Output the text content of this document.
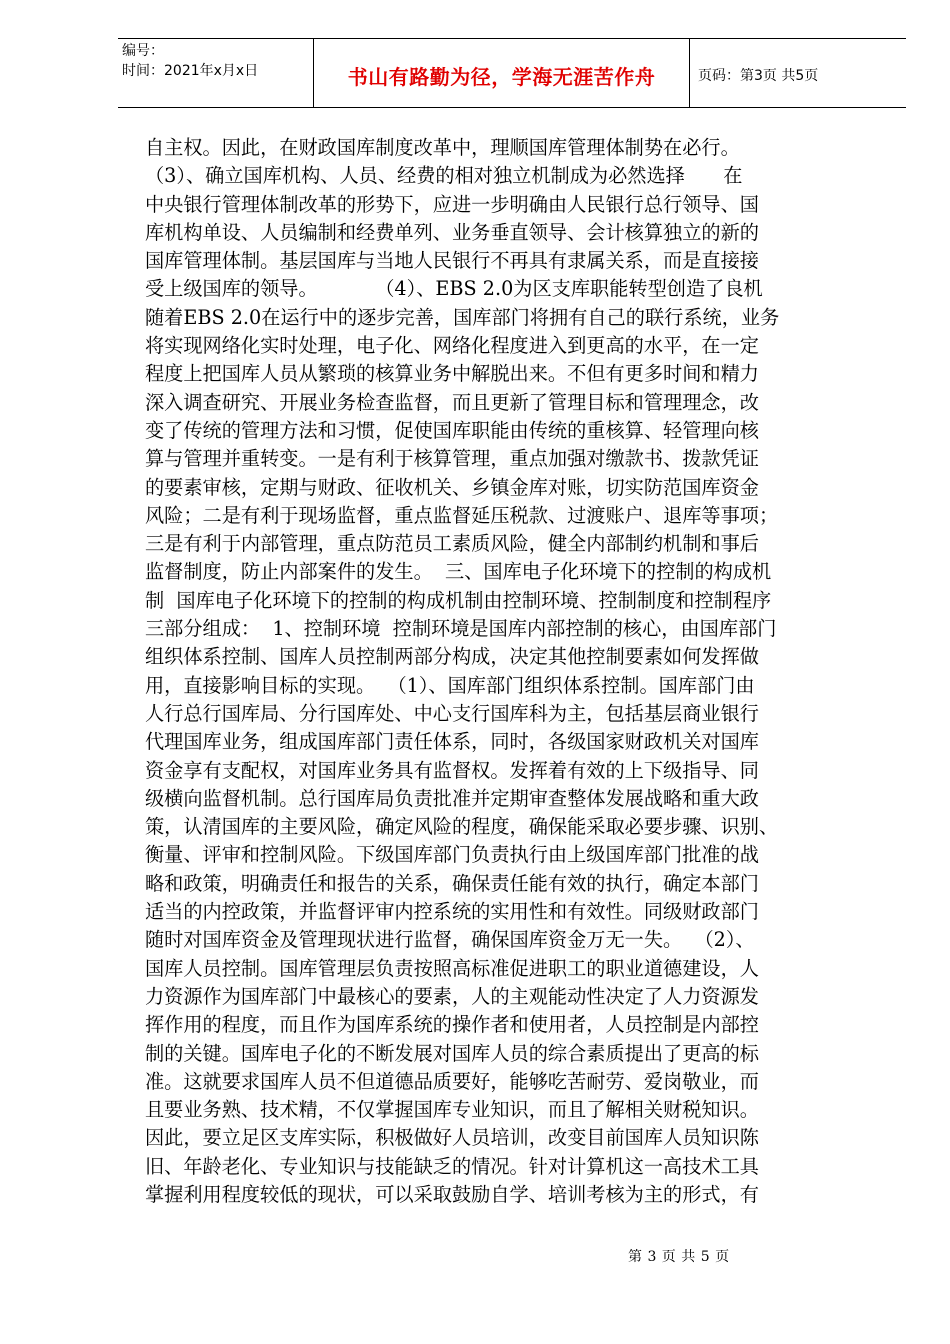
编号：
时间：2021年x月x日	书山有路勤为径，学海无涯苦作舟	页码：第3页 共5页
自主权。因此，在财政国库制度改革中，理顺国库管理体制势在必行。
（3）、确立国库机构、人员、经费的相对独立机制成为必然选择　　在
中央银行管理体制改革的形势下，应进一步明确由人民银行总行领导、国
库机构单设、人员编制和经费单列、业务垂直领导、会计核算独立的新的
国库管理体制。基层国库与当地人民银行不再具有隶属关系，而是直接接
受上级国库的领导。　　　　（4）、EBS 2.0为区支库职能转型创造了良机
随着EBS 2.0在运行中的逐步完善，国库部门将拥有自己的联行系统，业务
将实现网络化实时处理，电子化、网络化程度进入到更高的水平，在一定
程度上把国库人员从繁琐的核算业务中解脱出来。不但有更多时间和精力
深入调查研究、开展业务检查监督，而且更新了管理目标和管理理念，改
变了传统的管理方法和习惯，促使国库职能由传统的重核算、轻管理向核
算与管理并重转变。一是有利于核算管理，重点加强对缴款书、拨款凭证
的要素审核，定期与财政、征收机关、乡镇金库对账，切实防范国库资金
风险；二是有利于现场监督，重点监督延压税款、过渡账户、退库等事项；
三是有利于内部管理，重点防范员工素质风险，健全内部制约机制和事后
监督制度，防止内部案件的发生。  三、国库电子化环境下的控制的构成机
制  国库电子化环境下的控制的构成机制由控制环境、控制制度和控制程序
三部分组成：  1、控制环境  控制环境是国库内部控制的核心，由国库部门
组织体系控制、国库人员控制两部分构成，决定其他控制要素如何发挥做
用，直接影响目标的实现。  （1）、国库部门组织体系控制。国库部门由
人行总行国库局、分行国库处、中心支行国库科为主，包括基层商业银行
代理国库业务，组成国库部门责任体系，同时，各级国家财政机关对国库
资金享有支配权，对国库业务具有监督权。发挥着有效的上下级指导、同
级横向监督机制。总行国库局负责批准并定期审查整体发展战略和重大政
策，认清国库的主要风险，确定风险的程度，确保能采取必要步骤、识别、
衡量、评审和控制风险。下级国库部门负责执行由上级国库部门批准的战
略和政策，明确责任和报告的关系，确保责任能有效的执行，确定本部门
适当的内控政策，并监督评审内控系统的实用性和有效性。同级财政部门
随时对国库资金及管理现状进行监督，确保国库资金万无一失。  （2）、
国库人员控制。国库管理层负责按照高标准促进职工的职业道德建设，人
力资源作为国库部门中最核心的要素，人的主观能动性决定了人力资源发
挥作用的程度，而且作为国库系统的操作者和使用者，人员控制是内部控
制的关键。国库电子化的不断发展对国库人员的综合素质提出了更高的标
准。这就要求国库人员不但道德品质要好，能够吃苦耐劳、爱岗敬业，而
且要业务熟、技术精，不仅掌握国库专业知识，而且了解相关财税知识。
因此，要立足区支库实际，积极做好人员培训，改变目前国库人员知识陈
旧、年龄老化、专业知识与技能缺乏的情况。针对计算机这一高技术工具
掌握利用程度较低的现状，可以采取鼓励自学、培训考核为主的形式，有
第 3 页 共 5 页
